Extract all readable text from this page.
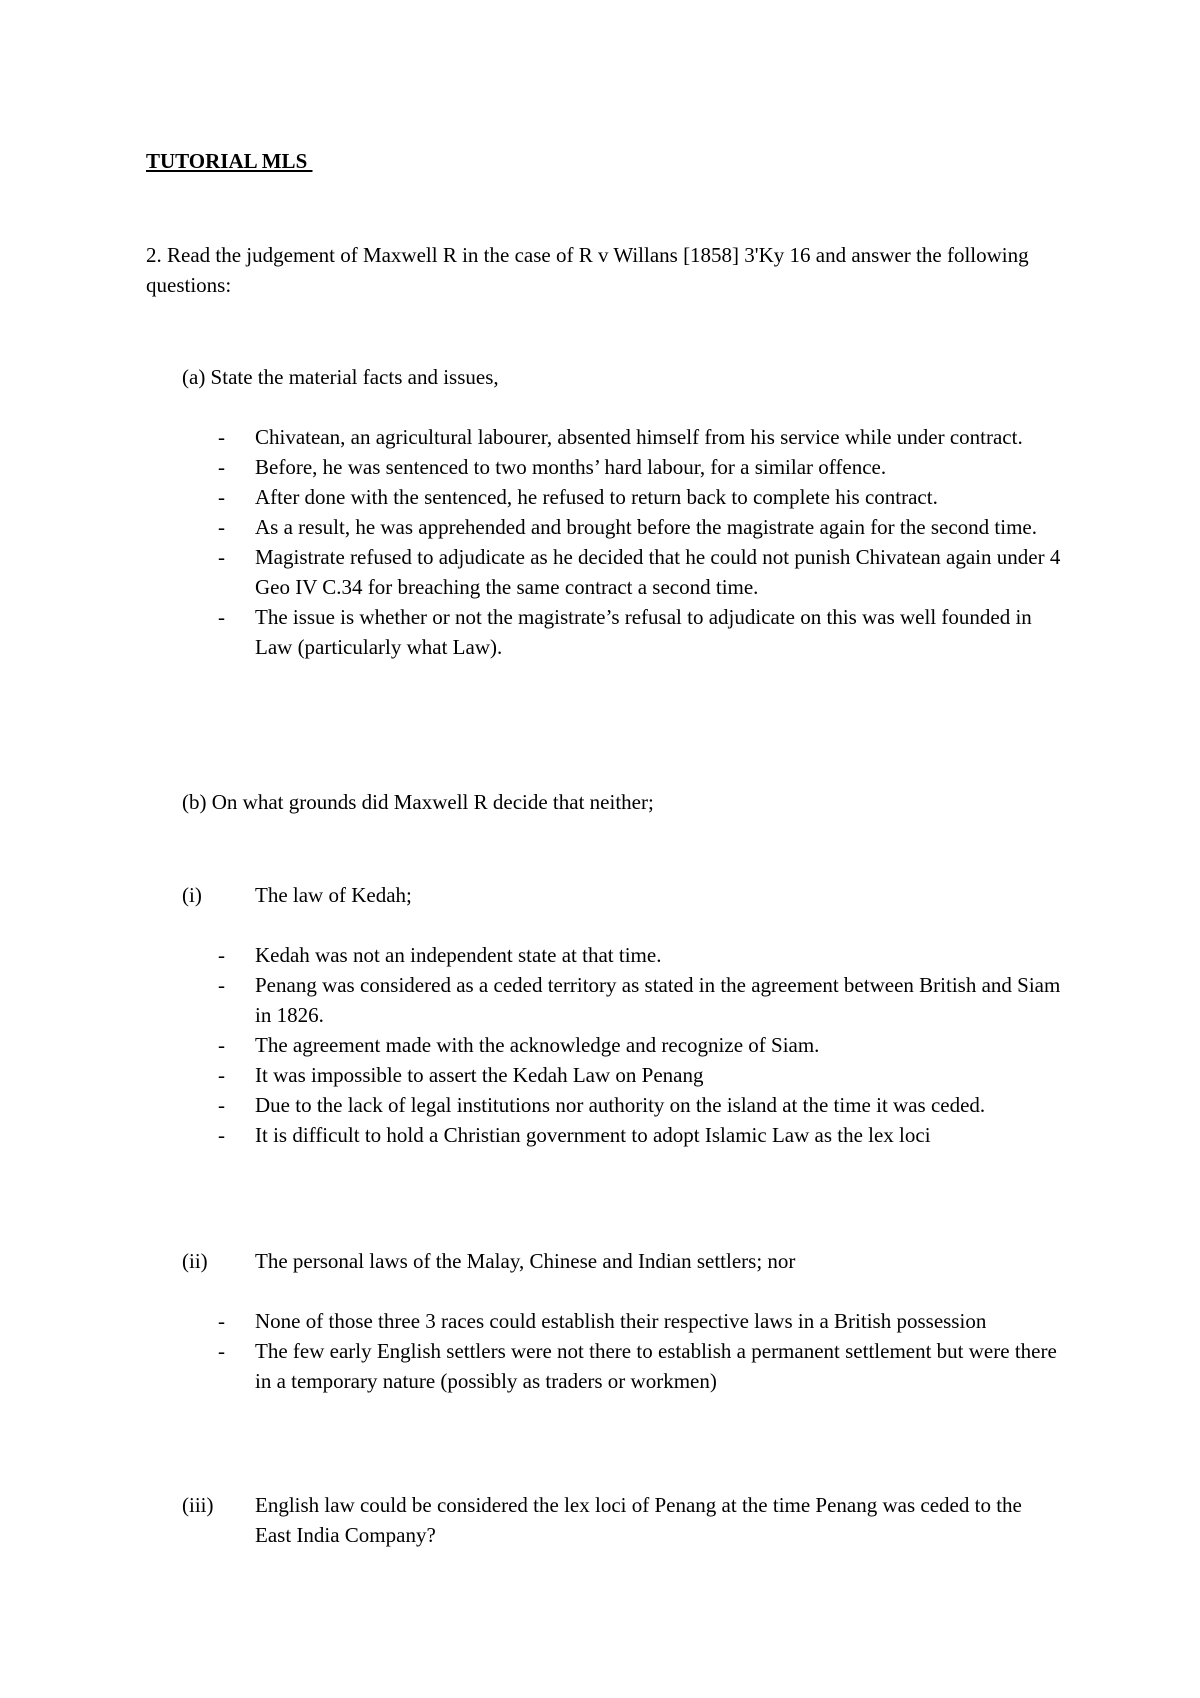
TUTORIAL MLS
2. Read the judgement of Maxwell R in the case of R v Willans [1858] 3'Ky 16 and answer the following questions:
(a) State the material facts and issues,
- Chivatean, an agricultural labourer, absented himself from his service while under contract.
- Before, he was sentenced to two months’ hard labour, for a similar offence.
- After done with the sentenced, he refused to return back to complete his contract.
- As a result, he was apprehended and brought before the magistrate again for the second time.
- Magistrate refused to adjudicate as he decided that he could not punish Chivatean again under 4 Geo IV C.34 for breaching the same contract a second time.
- The issue is whether or not the magistrate’s refusal to adjudicate on this was well founded in Law (particularly what Law).
(b) On what grounds did Maxwell R decide that neither;
(i)	The law of Kedah;
- Kedah was not an independent state at that time.
- Penang was considered as a ceded territory as stated in the agreement between British and Siam in 1826.
- The agreement made with the acknowledge and recognize of Siam.
- It was impossible to assert the Kedah Law on Penang
- Due to the lack of legal institutions nor authority on the island at the time it was ceded.
- It is difficult to hold a Christian government to adopt Islamic Law as the lex loci
(ii)	The personal laws of the Malay, Chinese and Indian settlers; nor
- None of those three 3 races could establish their respective laws in a British possession
- The few early English settlers were not there to establish a permanent settlement but were there in a temporary nature (possibly as traders or workmen)
(iii)	English law could be considered the lex loci of Penang at the time Penang was ceded to the East India Company?
